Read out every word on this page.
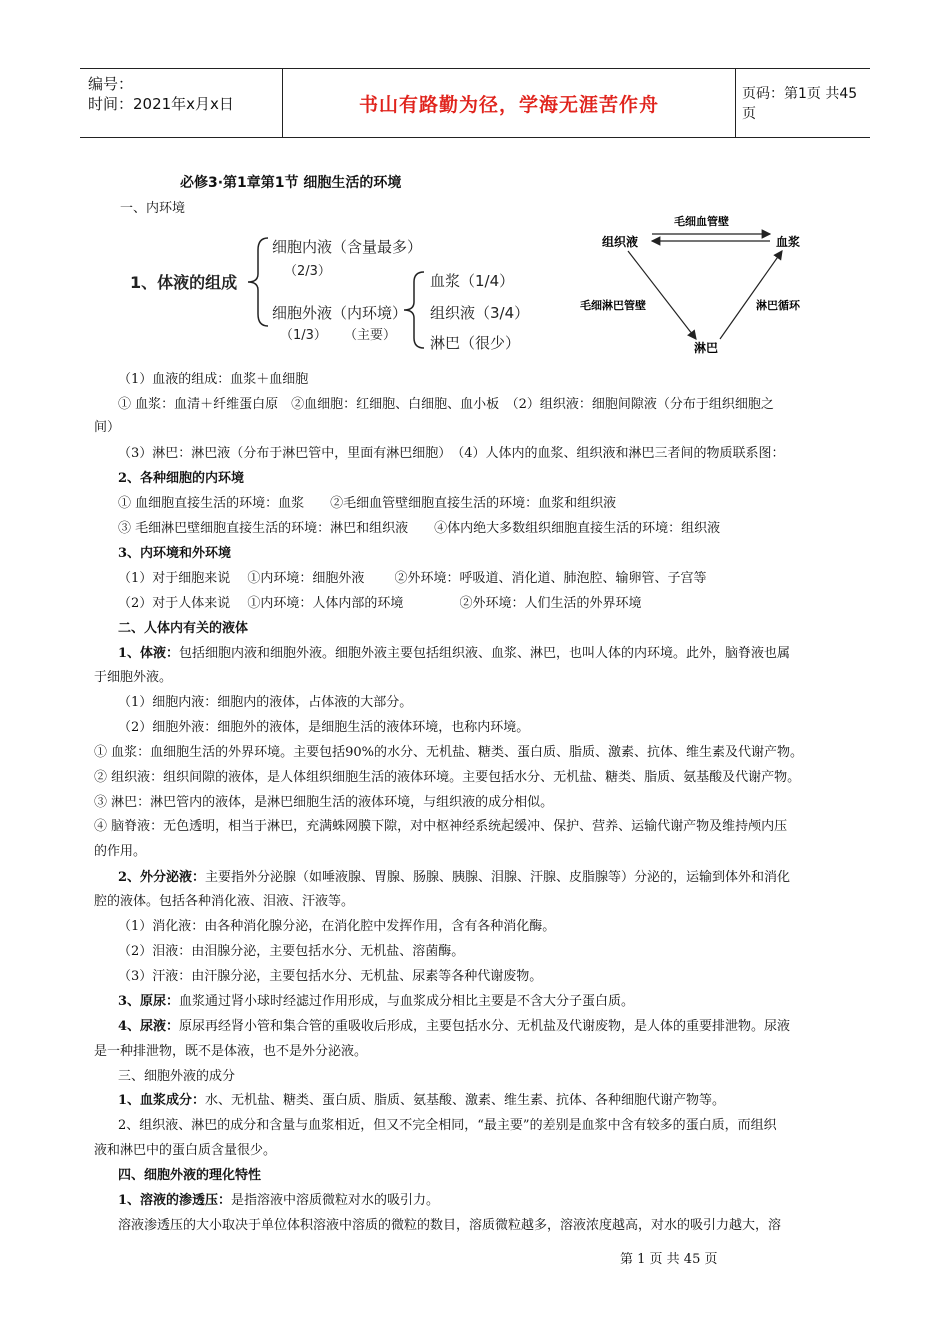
编号：
时间：2021年x月x日	书山有路勤为径，学海无涯苦作舟	页码：第1页 共45页
必修3·第1章第1节 细胞生活的环境
一、内环境
1、体液的组成
细胞内液（含量最多）
（2/3）
细胞外液（内环境）
（1/3） （主要）
血浆（1/4）
组织液（3/4）
淋巴（很少）
组织液	血浆
淋巴
毛细血管壁
毛细淋巴管壁	淋巴循环
（1）血液的组成：血浆＋血细胞
① 血浆：血清＋纤维蛋白原　②血细胞：红细胞、白细胞、血小板　（2）组织液：细胞间隙液（分布于组织细胞之
间）
（3）淋巴：淋巴液（分布于淋巴管中，里面有淋巴细胞）　（4）人体内的血浆、组织液和淋巴三者间的物质联系图：
2、各种细胞的内环境
① 血细胞直接生活的环境：血浆　　②毛细血管壁细胞直接生活的环境：血浆和组织液
③ 毛细淋巴壁细胞直接生活的环境：淋巴和组织液　　④体内绝大多数组织细胞直接生活的环境：组织液
3、内环境和外环境
（1）对于细胞来说　 ①内环境：细胞外液　　 ②外环境：呼吸道、消化道、肺泡腔、输卵管、子宫等
（2）对于人体来说　 ①内环境：人体内部的环境　　　　 ②外环境：人们生活的外界环境
二、人体内有关的液体
1、体液：包括细胞内液和细胞外液。细胞外液主要包括组织液、血浆、淋巴，也叫人体的内环境。此外，脑脊液也属
于细胞外液。
（1）细胞内液：细胞内的液体，占体液的大部分。
（2）细胞外液：细胞外的液体，是细胞生活的液体环境，也称内环境。
① 血浆：血细胞生活的外界环境。主要包括90%的水分、无机盐、糖类、蛋白质、脂质、激素、抗体、维生素及代谢产物。
② 组织液：组织间隙的液体，是人体组织细胞生活的液体环境。主要包括水分、无机盐、糖类、脂质、氨基酸及代谢产物。
③ 淋巴：淋巴管内的液体，是淋巴细胞生活的液体环境，与组织液的成分相似。
④ 脑脊液：无色透明，相当于淋巴，充满蛛网膜下隙，对中枢神经系统起缓冲、保护、营养、运输代谢产物及维持颅内压
的作用。
2、外分泌液：主要指外分泌腺（如唾液腺、胃腺、肠腺、胰腺、泪腺、汗腺、皮脂腺等）分泌的，运输到体外和消化
腔的液体。包括各种消化液、泪液、汗液等。
（1）消化液：由各种消化腺分泌，在消化腔中发挥作用，含有各种消化酶。
（2）泪液：由泪腺分泌，主要包括水分、无机盐、溶菌酶。
（3）汗液：由汗腺分泌，主要包括水分、无机盐、尿素等各种代谢废物。
3、原尿：血浆通过肾小球时经滤过作用形成，与血浆成分相比主要是不含大分子蛋白质。
4、尿液：原尿再经肾小管和集合管的重吸收后形成，主要包括水分、无机盐及代谢废物，是人体的重要排泄物。尿液
是一种排泄物，既不是体液，也不是外分泌液。
三、细胞外液的成分
1、血浆成分：水、无机盐、糖类、蛋白质、脂质、氨基酸、激素、维生素、抗体、各种细胞代谢产物等。
2、组织液、淋巴的成分和含量与血浆相近，但又不完全相同，“最主要”的差别是血浆中含有较多的蛋白质，而组织
液和淋巴中的蛋白质含量很少。
四、细胞外液的理化特性
1、溶液的渗透压：是指溶液中溶质微粒对水的吸引力。
溶液渗透压的大小取决于单位体积溶液中溶质的微粒的数目，溶质微粒越多，溶液浓度越高，对水的吸引力越大，溶
第 1 页 共 45 页
